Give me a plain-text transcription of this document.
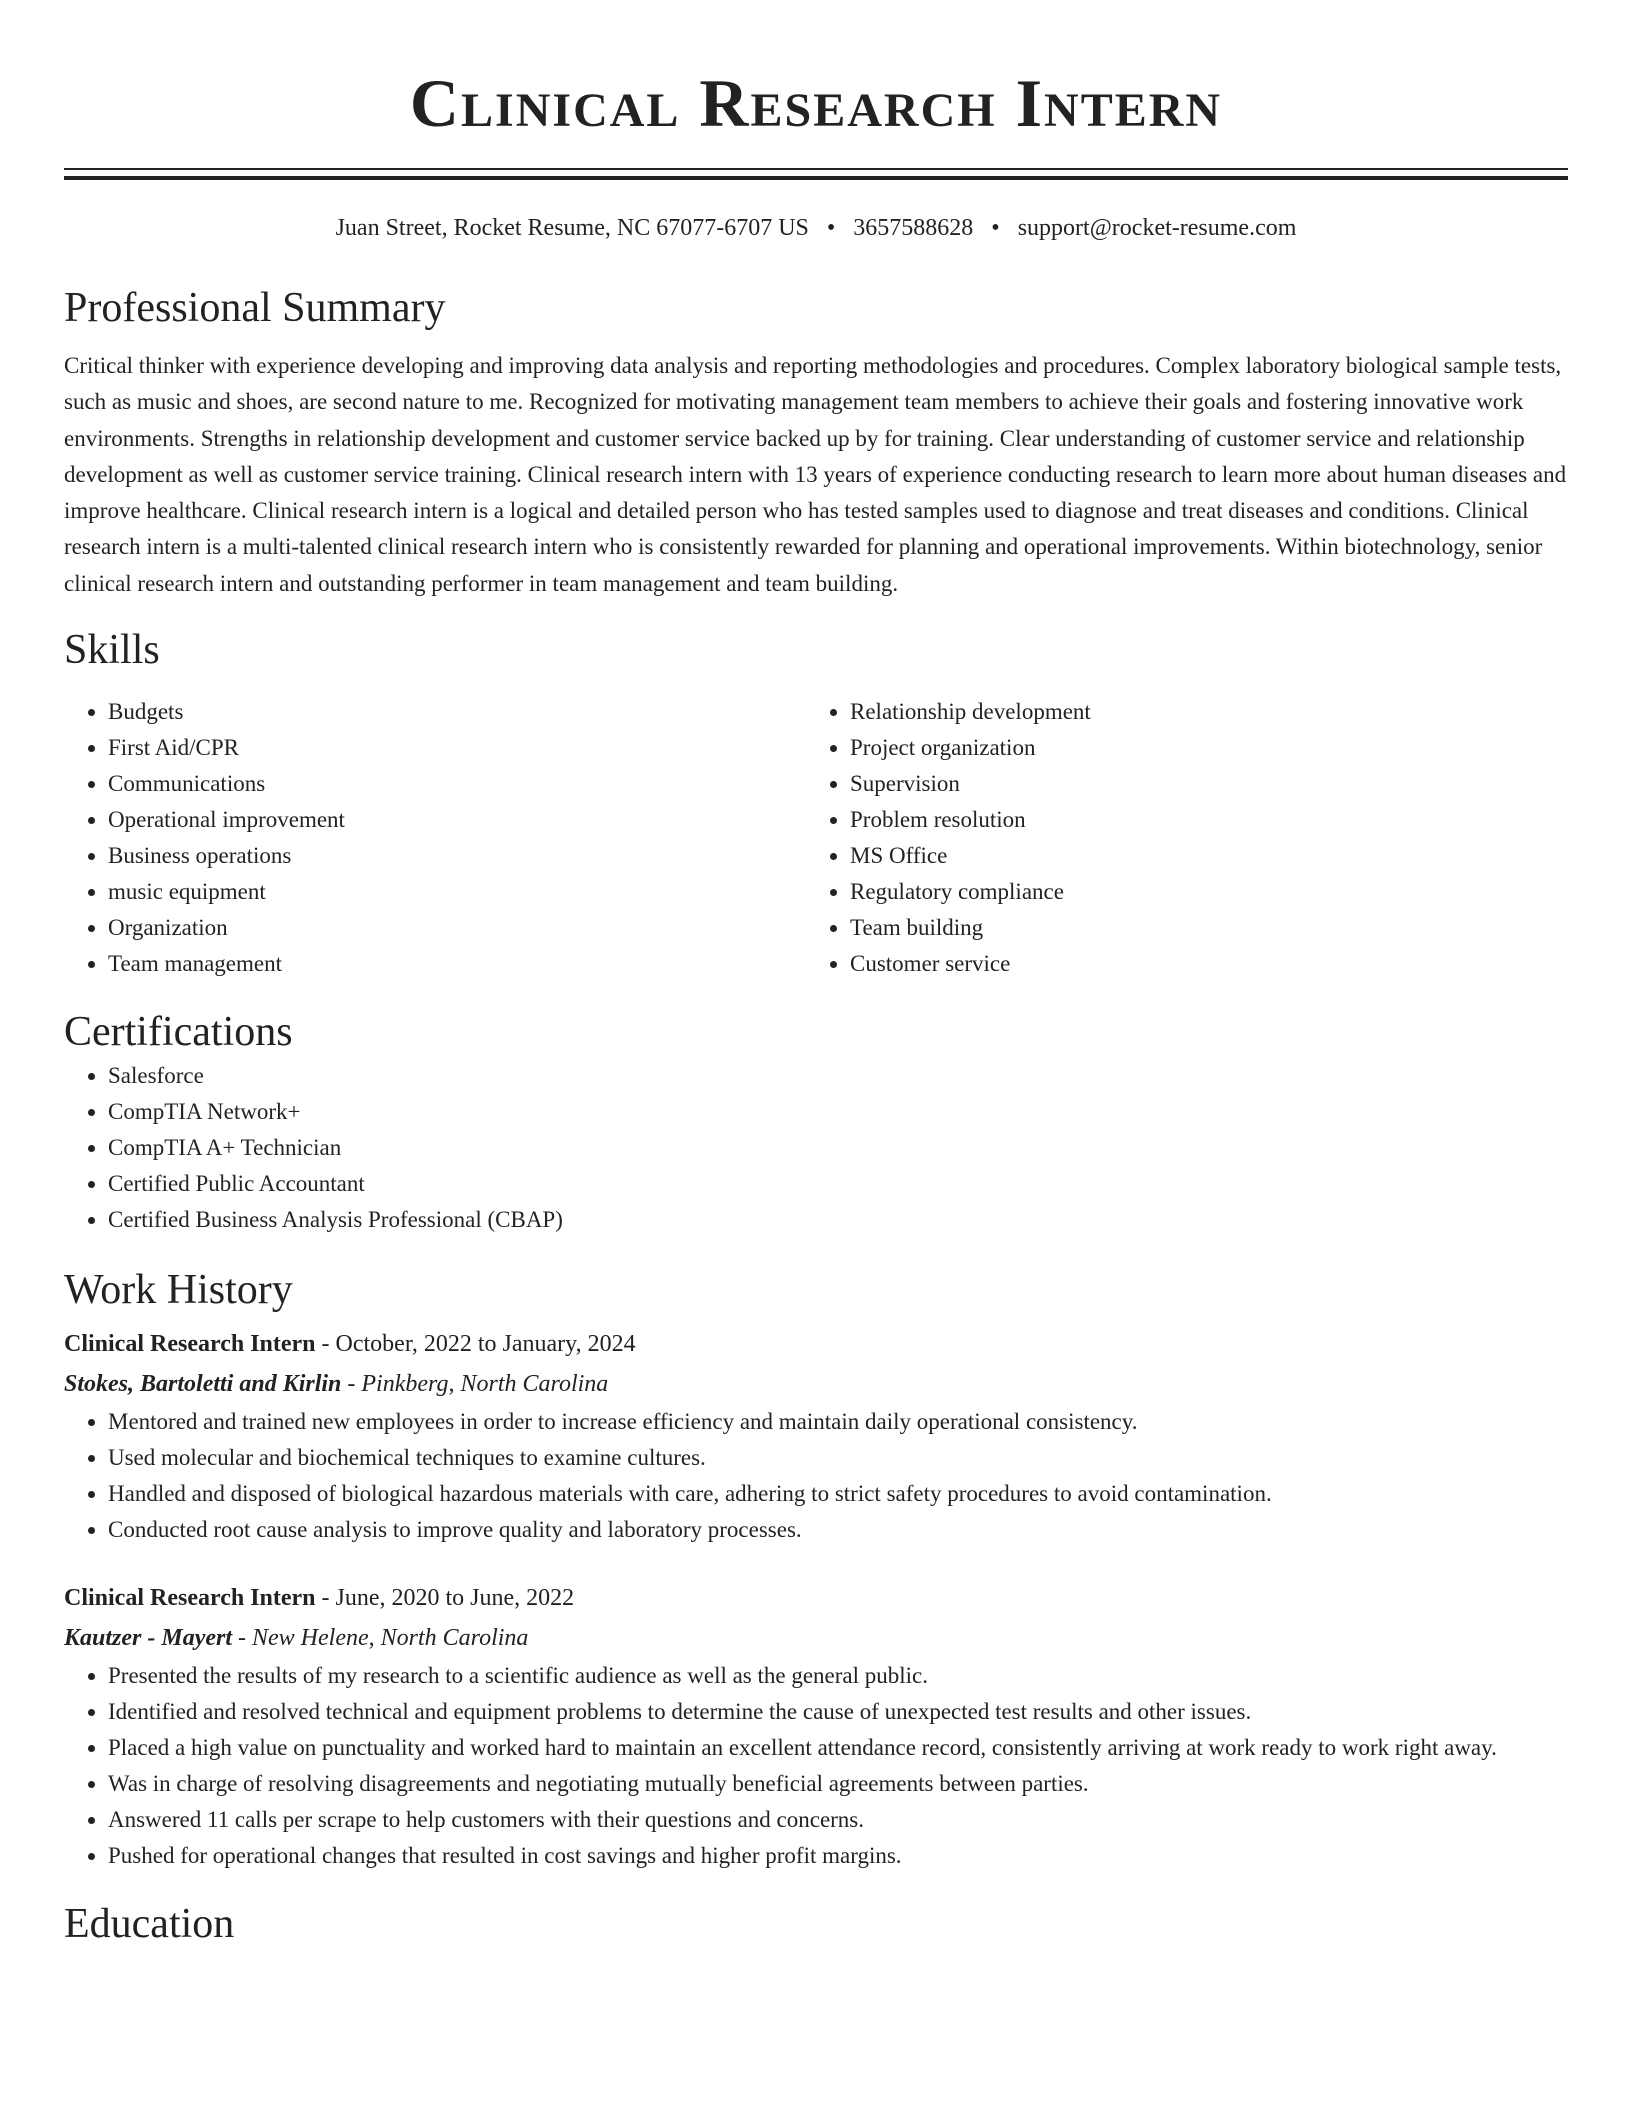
Clinical Research Intern
Juan Street, Rocket Resume, NC 67077-6707 US • 3657588628 • support@rocket-resume.com
Professional Summary
Critical thinker with experience developing and improving data analysis and reporting methodologies and procedures. Complex laboratory biological sample tests, such as music and shoes, are second nature to me. Recognized for motivating management team members to achieve their goals and fostering innovative work environments. Strengths in relationship development and customer service backed up by for training. Clear understanding of customer service and relationship development as well as customer service training. Clinical research intern with 13 years of experience conducting research to learn more about human diseases and improve healthcare. Clinical research intern is a logical and detailed person who has tested samples used to diagnose and treat diseases and conditions. Clinical research intern is a multi-talented clinical research intern who is consistently rewarded for planning and operational improvements. Within biotechnology, senior clinical research intern and outstanding performer in team management and team building.
Skills
• Budgets
• First Aid/CPR
• Communications
• Operational improvement
• Business operations
• music equipment
• Organization
• Team management
• Relationship development
• Project organization
• Supervision
• Problem resolution
• MS Office
• Regulatory compliance
• Team building
• Customer service
Certifications
• Salesforce
• CompTIA Network+
• CompTIA A+ Technician
• Certified Public Accountant
• Certified Business Analysis Professional (CBAP)
Work History
Clinical Research Intern - October, 2022 to January, 2024
Stokes, Bartoletti and Kirlin - Pinkberg, North Carolina
• Mentored and trained new employees in order to increase efficiency and maintain daily operational consistency.
• Used molecular and biochemical techniques to examine cultures.
• Handled and disposed of biological hazardous materials with care, adhering to strict safety procedures to avoid contamination.
• Conducted root cause analysis to improve quality and laboratory processes.
Clinical Research Intern - June, 2020 to June, 2022
Kautzer - Mayert - New Helene, North Carolina
• Presented the results of my research to a scientific audience as well as the general public.
• Identified and resolved technical and equipment problems to determine the cause of unexpected test results and other issues.
• Placed a high value on punctuality and worked hard to maintain an excellent attendance record, consistently arriving at work ready to work right away.
• Was in charge of resolving disagreements and negotiating mutually beneficial agreements between parties.
• Answered 11 calls per scrape to help customers with their questions and concerns.
• Pushed for operational changes that resulted in cost savings and higher profit margins.
Education
